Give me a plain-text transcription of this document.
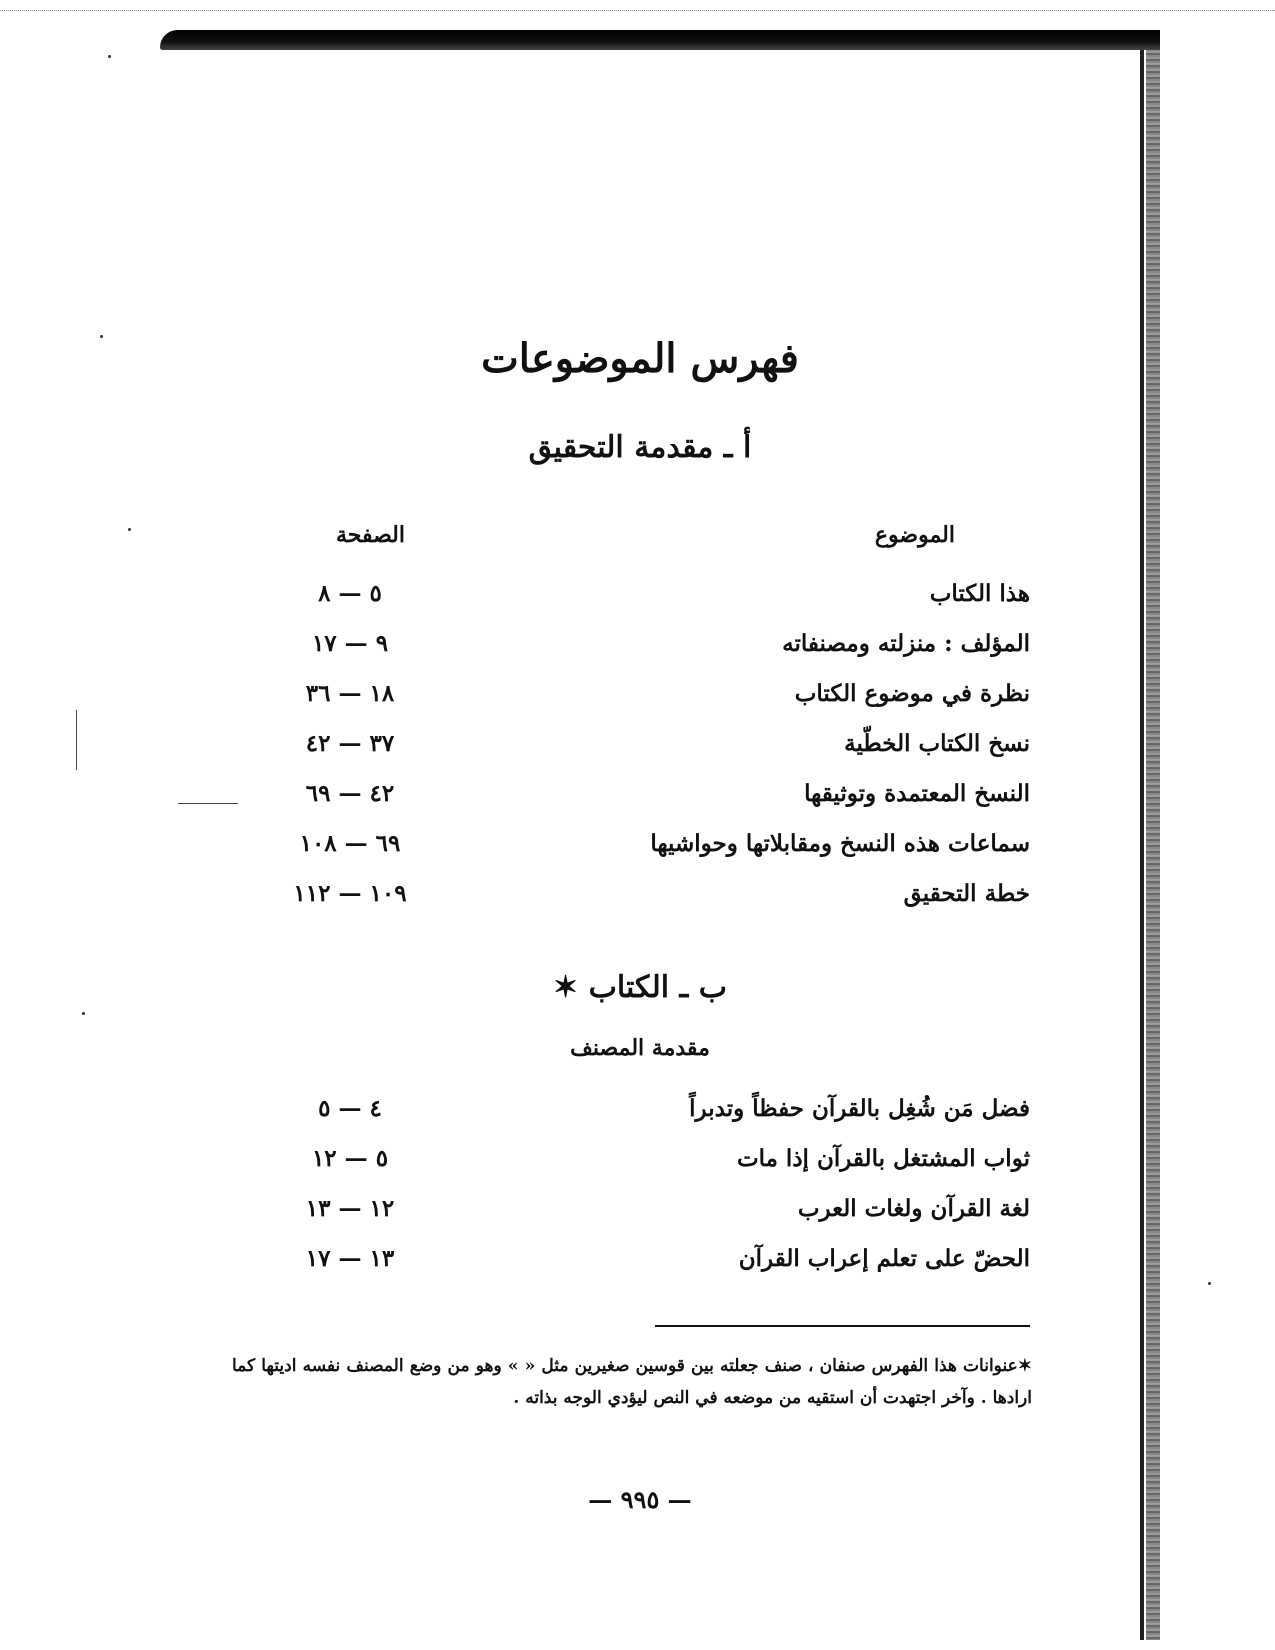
فهرس الموضوعات
أ ـ مقدمة التحقيق
الموضوع
الصفحة
هذا الكتاب
٥ — ٨
المؤلف : منزلته ومصنفاته
٩ — ١٧
نظرة في موضوع الكتاب
١٨ — ٣٦
نسخ الكتاب الخطّية
٣٧ — ٤٢
النسخ المعتمدة وتوثيقها
٤٢ — ٦٩
سماعات هذه النسخ ومقابلاتها وحواشيها
٦٩ — ١٠٨
خطة التحقيق
١٠٩ — ١١٢
ب ـ الكتاب ✶
مقدمة المصنف
فضل مَن شُغِل بالقرآن حفظاً وتدبراً
٤ — ٥
ثواب المشتغل بالقرآن إذا مات
٥ — ١٢
لغة القرآن ولغات العرب
١٢ — ١٣
الحضّ على تعلم إعراب القرآن
١٣ — ١٧
✶عنوانات هذا الفهرس صنفان ، صنف جعلته بين قوسين صغيرين مثل « » وهو من وضع المصنف نفسه اديتها كما ارادها . وآخر اجتهدت أن استقيه من موضعه في النص ليؤدي الوجه بذاته .
— ٩٩٥ —
